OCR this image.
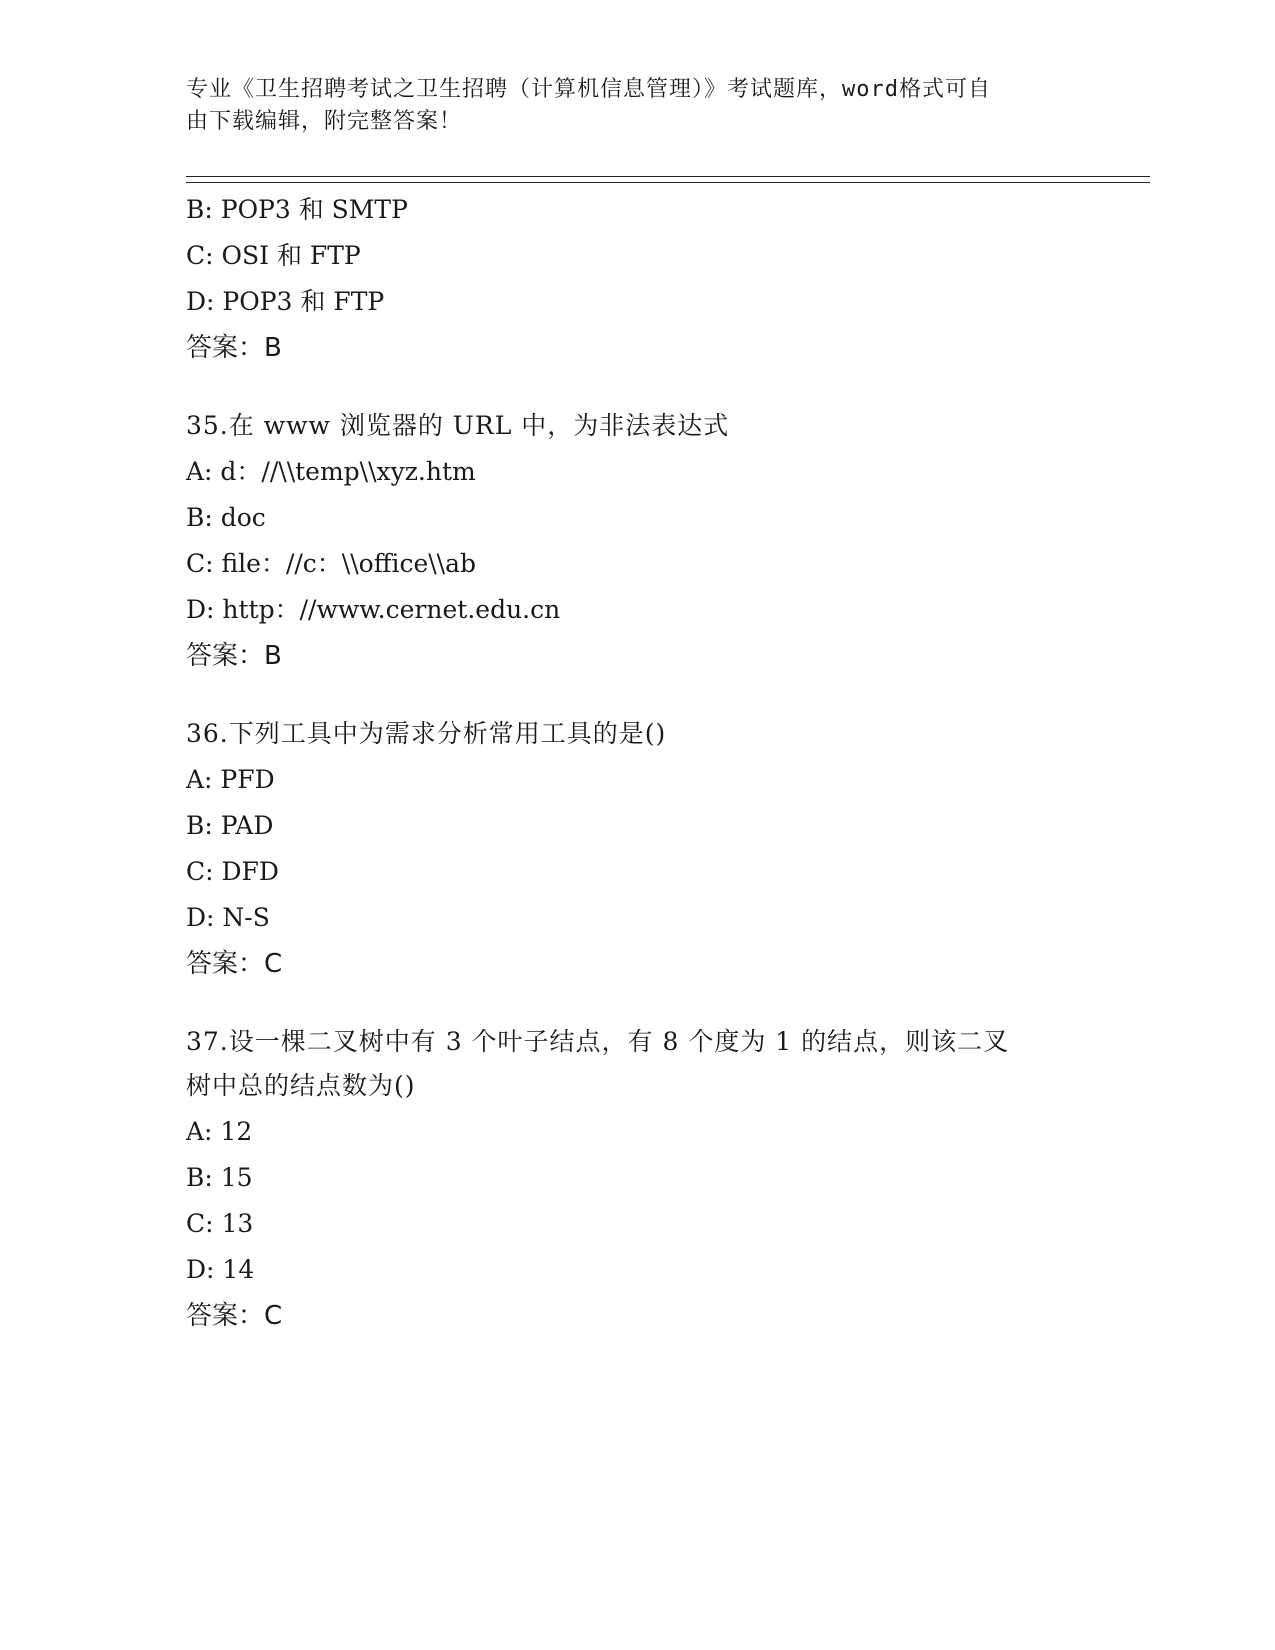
专业《卫生招聘考试之卫生招聘（计算机信息管理）》考试题库，word格式可自
由下载编辑，附完整答案！
B: POP3 和 SMTP
C: OSI 和 FTP
D: POP3 和 FTP
答案：B
35.在 www 浏览器的 URL 中，为非法表达式
A: d：//\\temp\\xyz.htm
B: doc
C: file：//c：\\office\\ab
D: http：//www.cernet.edu.cn
答案：B
36.下列工具中为需求分析常用工具的是()
A: PFD
B: PAD
C: DFD
D: N-S
答案：C
37.设一棵二叉树中有 3 个叶子结点，有 8 个度为 1 的结点，则该二叉
树中总的结点数为()
A: 12
B: 15
C: 13
D: 14
答案：C
